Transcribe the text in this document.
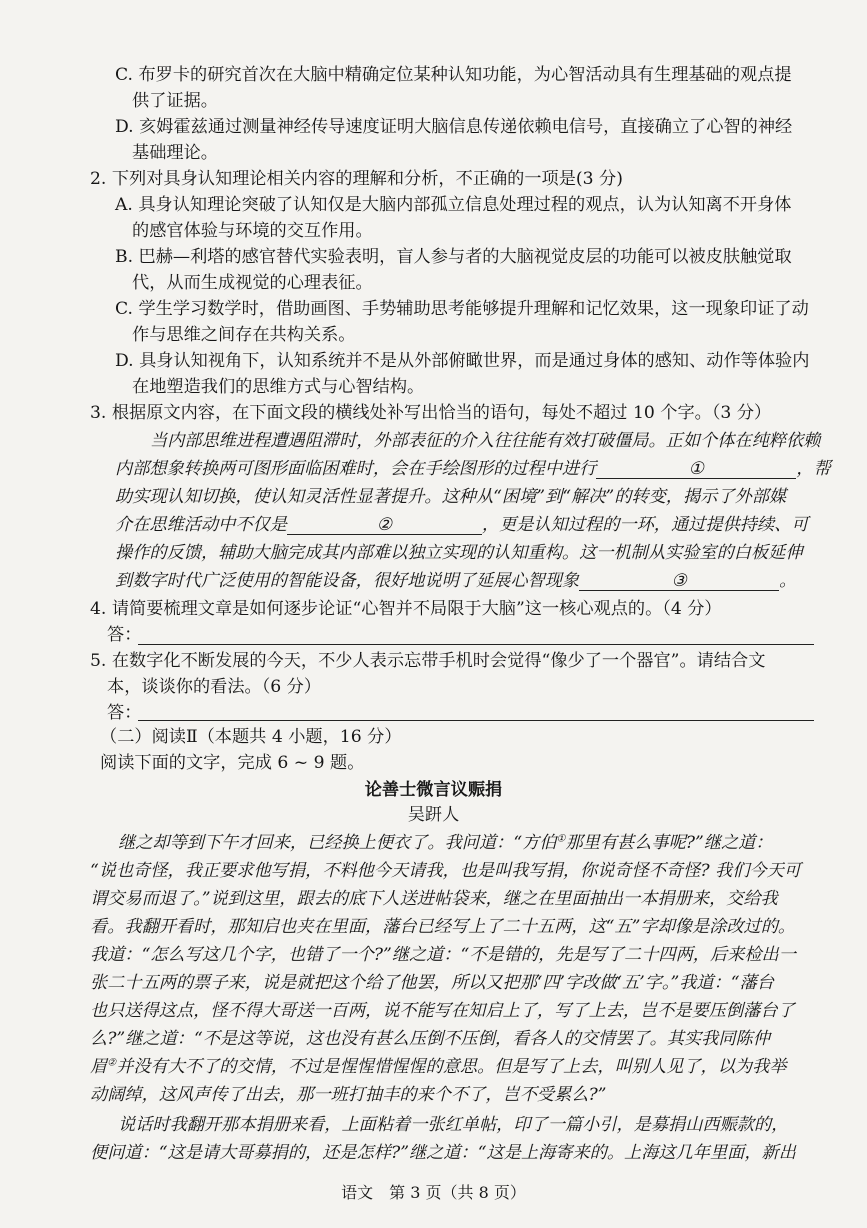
C. 布罗卡的研究首次在大脑中精确定位某种认知功能，为心智活动具有生理基础的观点提
供了证据。
D. 亥姆霍兹通过测量神经传导速度证明大脑信息传递依赖电信号，直接确立了心智的神经
基础理论。
2. 下列对具身认知理论相关内容的理解和分析，不正确的一项是(3 分)
A. 具身认知理论突破了认知仅是大脑内部孤立信息处理过程的观点，认为认知离不开身体
的感官体验与环境的交互作用。
B. 巴赫—利塔的感官替代实验表明，盲人参与者的大脑视觉皮层的功能可以被皮肤触觉取
代，从而生成视觉的心理表征。
C. 学生学习数学时，借助画图、手势辅助思考能够提升理解和记忆效果，这一现象印证了动
作与思维之间存在共构关系。
D. 具身认知视角下，认知系统并不是从外部俯瞰世界，而是通过身体的感知、动作等体验内
在地塑造我们的思维方式与心智结构。
3. 根据原文内容，在下面文段的横线处补写出恰当的语句，每处不超过 10 个字。（3 分）
当内部思维进程遭遇阻滞时，外部表征的介入往往能有效打破僵局。正如个体在纯粹依赖
内部想象转换两可图形面临困难时，会在手绘图形的过程中进行	①	，帮
助实现认知切换，使认知灵活性显著提升。这种从“困境”到“解决”的转变，揭示了外部媒
介在思维活动中不仅是	②	，更是认知过程的一环，通过提供持续、可
操作的反馈，辅助大脑完成其内部难以独立实现的认知重构。这一机制从实验室的白板延伸
到数字时代广泛使用的智能设备，很好地说明了延展心智现象	③	。
4. 请简要梳理文章是如何逐步论证“心智并不局限于大脑”这一核心观点的。（4 分）
答：
5. 在数字化不断发展的今天，不少人表示忘带手机时会觉得“像少了一个器官”。请结合文
本，谈谈你的看法。（6 分）
答：
（二）阅读Ⅱ（本题共 4 小题，16 分）
阅读下面的文字，完成 6 ~ 9 题。
论善士微言议赈捐
吴趼人
继之却等到下午才回来，已经换上便衣了。我问道：“方伯①那里有甚么事呢?”继之道：
“说也奇怪，我正要求他写捐，不料他今天请我，也是叫我写捐，你说奇怪不奇怪? 我们今天可
谓交易而退了。”说到这里，跟去的底下人送进帖袋来，继之在里面抽出一本捐册来，交给我
看。我翻开看时，那知启也夹在里面，藩台已经写上了二十五两，这“五”字却像是涂改过的。
我道：“怎么写这几个字，也错了一个?”继之道：“不是错的，先是写了二十四两，后来检出一
张二十五两的票子来，说是就把这个给了他罢，所以又把那‘四’字改做‘五’字。”我道：“藩台
也只送得这点，怪不得大哥送一百两，说不能写在知启上了，写了上去，岂不是要压倒藩台了
么?”继之道：“不是这等说，这也没有甚么压倒不压倒，看各人的交情罢了。其实我同陈仲
眉②并没有大不了的交情，不过是惺惺惜惺惺的意思。但是写了上去，叫别人见了，以为我举
动阔绰，这风声传了出去，那一班打抽丰的来个不了，岂不受累么?”
说话时我翻开那本捐册来看，上面粘着一张红单帖，印了一篇小引，是募捐山西赈款的，
便问道：“这是请大哥募捐的，还是怎样?”继之道：“这是上海寄来的。上海这几年里面，新出
语文　第 3 页（共 8 页）
